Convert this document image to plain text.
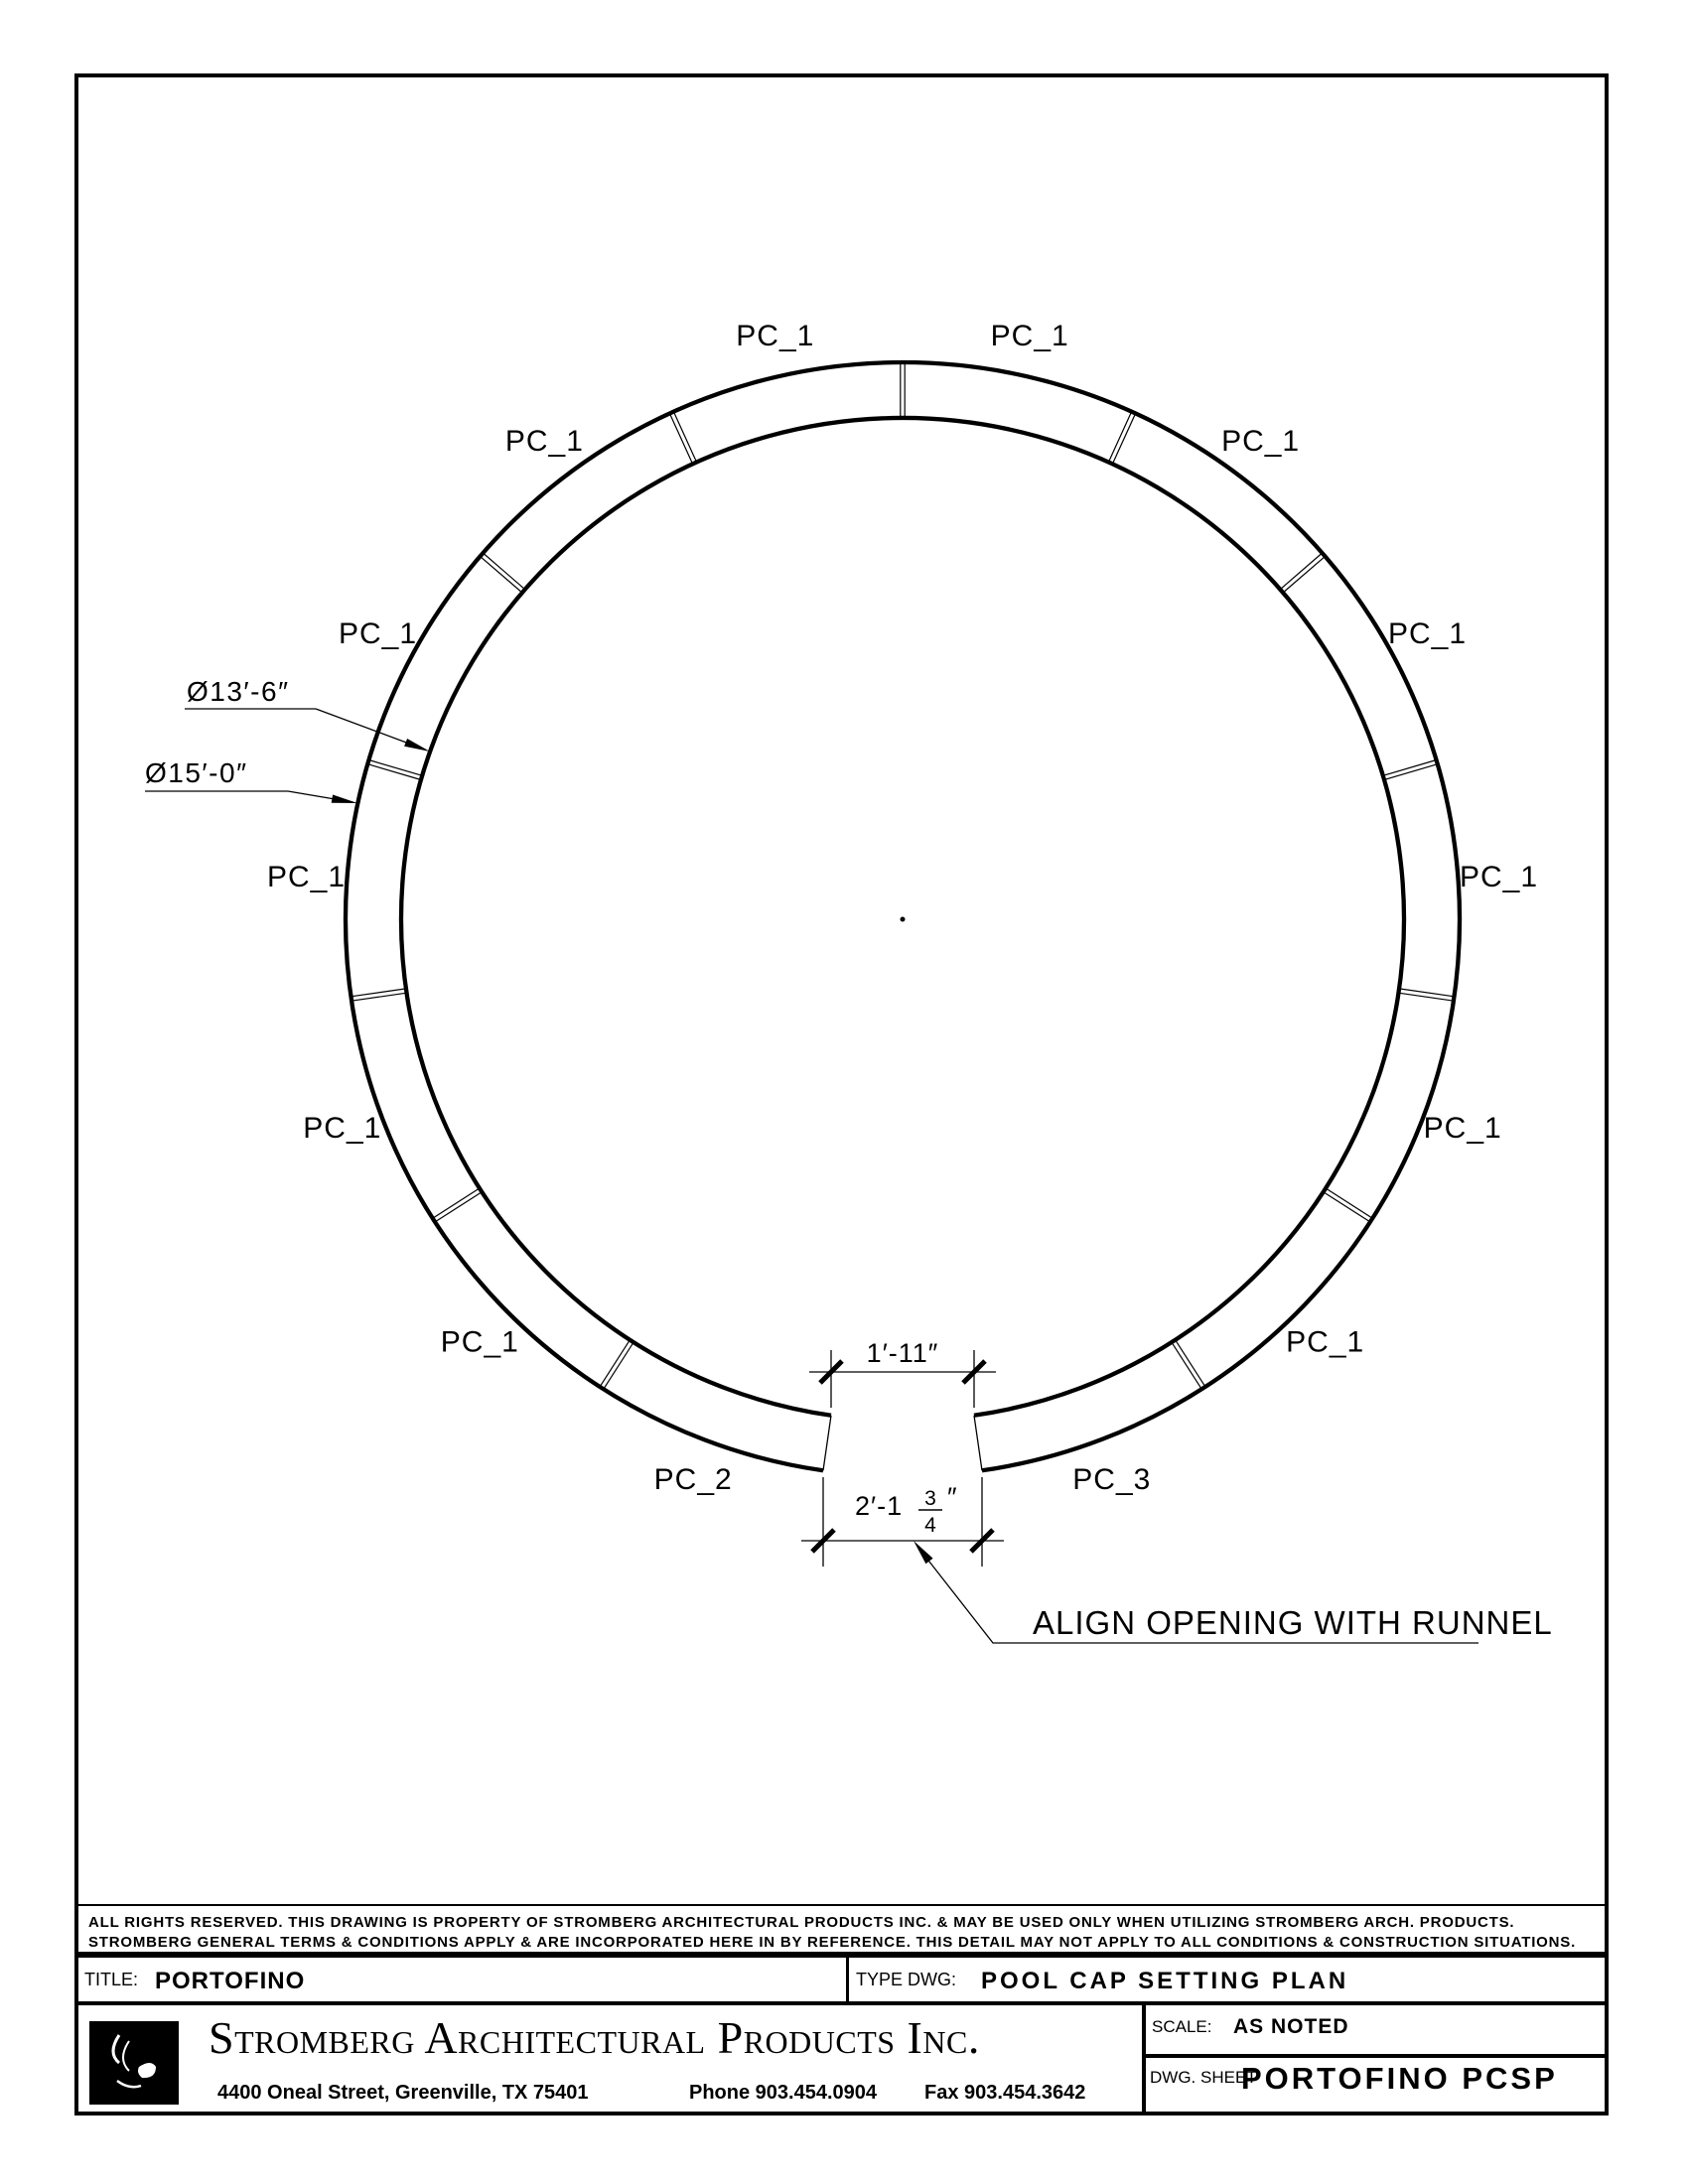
PC_3
PC_1
PC_1
PC_1
PC_1
PC_1
PC_1
PC_1
PC_1
PC_1
PC_1
PC_1
PC_1
PC_2
1′-11″
2′-1 3
4
″
Ø13′-6″
Ø15′-0″
ALIGN OPENING WITH RUNNEL
ALL RIGHTS RESERVED. THIS DRAWING IS PROPERTY OF STROMBERG ARCHITECTURAL PRODUCTS INC. & MAY BE USED ONLY WHEN UTILIZING STROMBERG ARCH. PRODUCTS.
STROMBERG GENERAL TERMS & CONDITIONS APPLY & ARE INCORPORATED HERE IN BY REFERENCE. THIS DETAIL MAY NOT APPLY TO ALL CONDITIONS & CONSTRUCTION SITUATIONS.
TITLE: PORTOFINO	TYPE DWG: POOL CAP SETTING PLAN
Stromberg Architectural Products Inc.
4400 Oneal Street, Greenville, TX 75401	Phone 903.454.0904 Fax 903.454.3642
SCALE: AS NOTED
DWG. SHEET
PORTOFINO PCSP
